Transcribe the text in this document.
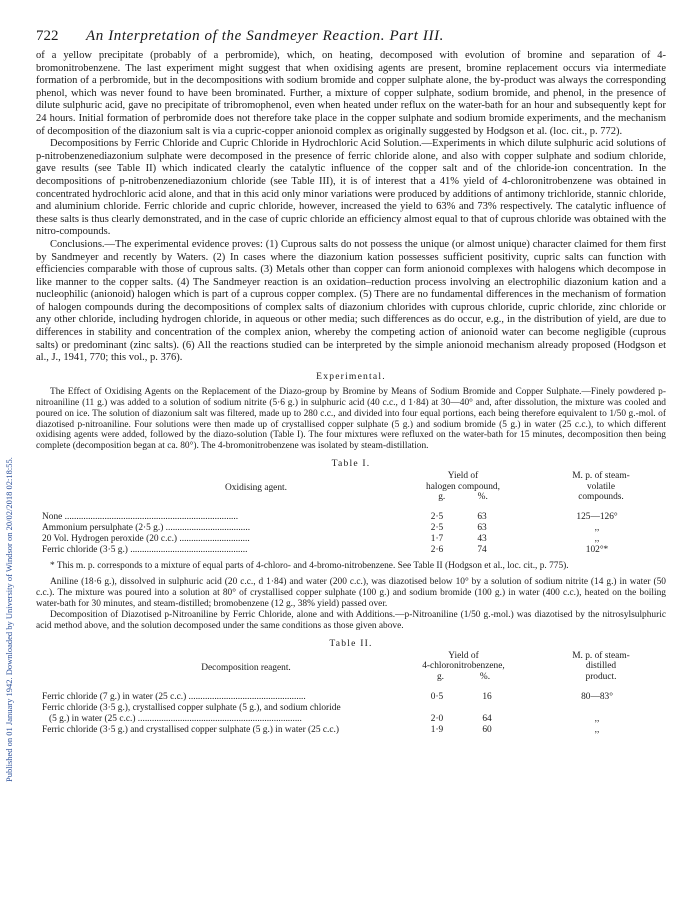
Published on 01 January 1942. Downloaded by University of Windsor on 20/02/2018 02:18:55.
722	An Interpretation of the Sandmeyer Reaction. Part III.

of a yellow precipitate (probably of a perbromide), which, on heating, decomposed with evolution of bromine and separation of 4-bromonitrobenzene. The last experiment might suggest that when oxidising agents are present, bromine replacement occurs via intermediate formation of a perbromide, but in the decompositions with sodium bromide and copper sulphate alone, the by-product was always the corresponding phenol, which was never found to have been brominated. Further, a mixture of copper sulphate, sodium bromide, and phenol, in the presence of dilute sulphuric acid, gave no precipitate of tribromophenol, even when heated under reflux on the water-bath for an hour and subsequently kept for 24 hours. Initial formation of perbromide does not therefore take place in the copper sulphate and sodium bromide experiments, and the mechanism of decomposition of the diazonium salt is via a cupric-copper anionoid complex as originally suggested by Hodgson et al. (loc. cit., p. 772).

Decompositions by Ferric Chloride and Cupric Chloride in Hydrochloric Acid Solution.—Experiments in which dilute sulphuric acid solutions of p-nitrobenzenediazonium sulphate were decomposed in the presence of ferric chloride alone, and also with copper sulphate and sodium chloride, gave results (see Table II) which indicated clearly the catalytic influence of the copper salt and of the chloride-ion concentration. In the decompositions of p-nitrobenzenediazonium chloride (see Table III), it is of interest that a 41% yield of 4-chloronitrobenzene was obtained in concentrated hydrochloric acid alone, and that in this acid only minor variations were produced by additions of antimony trichloride, stannic chloride, and aluminium chloride. Ferric chloride and cupric chloride, however, increased the yield to 63% and 73% respectively. The catalytic influence of these salts is thus clearly demonstrated, and in the case of cupric chloride an efficiency almost equal to that of cuprous chloride was obtained with the nitro-compounds.

Conclusions.—The experimental evidence proves: (1) Cuprous salts do not possess the unique (or almost unique) character claimed for them first by Sandmeyer and recently by Waters. (2) In cases where the diazonium kation possesses sufficient positivity, cupric salts can function with efficiencies comparable with those of cuprous salts. (3) Metals other than copper can form anionoid complexes with halogens which decompose in like manner to the copper salts. (4) The Sandmeyer reaction is an oxidation–reduction process involving an electrophilic diazonium kation and a nucleophilic (anionoid) halogen which is part of a cuprous copper complex. (5) There are no fundamental differences in the mechanism of formation of halogen compounds during the decompositions of complex salts of diazonium chlorides with cuprous chloride, cupric chloride, zinc chloride or any other chloride, including hydrogen chloride, in aqueous or other media; such differences as do occur, e.g., in the distribution of yield, are due to differences in stability and concentration of the complex anion, whereby the competing action of anionoid water can become negligible (cuprous salts) or predominant (zinc salts). (6) All the reactions studied can be interpreted by the simple anionoid mechanism already proposed (Hodgson et al., J., 1941, 770; this vol., p. 376).

Experimental.

The Effect of Oxidising Agents on the Replacement of the Diazo-group by Bromine by Means of Sodium Bromide and Copper Sulphate.—Finely powdered p-nitroaniline (11 g.) was added to a solution of sodium nitrite (5·6 g.) in sulphuric acid (40 c.c., d 1·84) at 30—40° and, after dissolution, the mixture was cooled and poured on ice. The solution of diazonium salt was filtered, made up to 280 c.c., and divided into four equal portions, each being therefore equivalent to 1/50 g.-mol. of diazotised p-nitroaniline. Four solutions were then made up of crystallised copper sulphate (5 g.) and sodium bromide (5 g.) in water (25 c.c.), to which different oxidising agents were added, followed by the diazo-solution (Table I). The four mixtures were refluxed on the water-bath for 15 minutes, decomposition then being complete (decomposition began at ca. 80°). The 4-bromonitrobenzene was isolated by steam-distillation.

Table I.
Oxidising agent.
Yield of
halogen compound,
g.	%.
M. p. of steam-
volatile
compounds.
None ..........................................................................	2·5	63	125—126°
Ammonium persulphate (2·5 g.) ....................................	2·5	63	,,
20 Vol. Hydrogen peroxide (20 c.c.) ..............................	1·7	43	,,
Ferric chloride (3·5 g.) ..................................................	2·6	74	102°*

* This m. p. corresponds to a mixture of equal parts of 4-chloro- and 4-bromo-nitrobenzene. See Table II (Hodgson et al., loc. cit., p. 775).

Aniline (18·6 g.), dissolved in sulphuric acid (20 c.c., d 1·84) and water (200 c.c.), was diazotised below 10° by a solution of sodium nitrite (14 g.) in water (50 c.c.). The mixture was poured into a solution at 80° of crystallised copper sulphate (100 g.) and sodium bromide (100 g.) in water (400 c.c.), heated on the boiling water-bath for 30 minutes, and steam-distilled; bromobenzene (12 g., 38% yield) passed over.

Decomposition of Diazotised p-Nitroaniline by Ferric Chloride, alone and with Additions.—p-Nitroaniline (1/50 g.-mol.) was diazotised by the nitrosylsulphuric acid method above, and the solution decomposed under the same conditions as those given above.

Table II.
Decomposition reagent.
Yield of
4-chloronitrobenzene,
g.	%.
M. p. of steam-
distilled
product.
Ferric chloride (7 g.) in water (25 c.c.) ..................................................	0·5	16	80—83°
Ferric chloride (3·5 g.), crystallised copper sulphate (5 g.), and sodium chloride
(5 g.) in water (25 c.c.) ......................................................................	2·0	64	,,
Ferric chloride (3·5 g.) and crystallised copper sulphate (5 g.) in water (25 c.c.)	1·9	60	,,
